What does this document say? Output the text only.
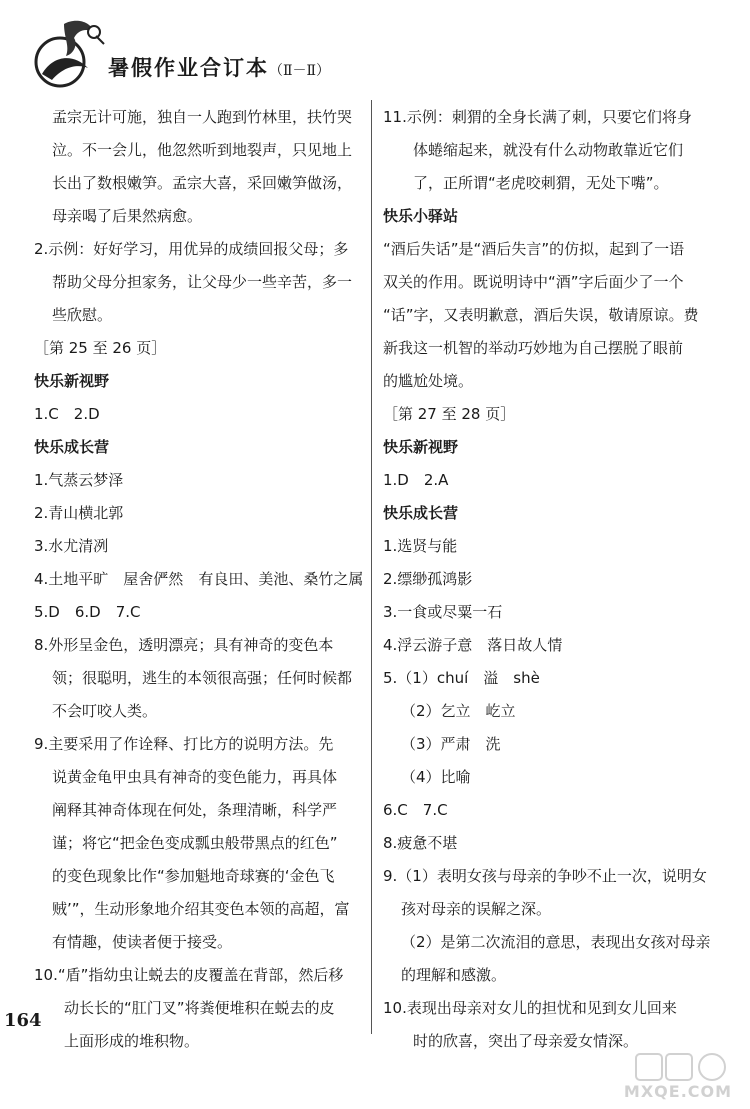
暑假作业合订本（Ⅱ－Ⅱ）
孟宗无计可施，独自一人跑到竹林里，扶竹哭
泣。不一会儿，他忽然听到地裂声，只见地上
长出了数根嫩笋。孟宗大喜，采回嫩笋做汤，
母亲喝了后果然病愈。
2.示例：好好学习，用优异的成绩回报父母；多
帮助父母分担家务，让父母少一些辛苦，多一
些欣慰。
［第 25 至 26 页］
快乐新视野
1.C　2.D
快乐成长营
1.气蒸云梦泽
2.青山横北郭
3.水尤清冽
4.土地平旷　屋舍俨然　有良田、美池、桑竹之属
5.D　6.D　7.C
8.外形呈金色，透明漂亮；具有神奇的变色本
领；很聪明，逃生的本领很高强；任何时候都
不会叮咬人类。
9.主要采用了作诠释、打比方的说明方法。先
说黄金龟甲虫具有神奇的变色能力，再具体
阐释其神奇体现在何处，条理清晰，科学严
谨；将它“把金色变成瓢虫般带黑点的红色”
的变色现象比作“参加魁地奇球赛的‘金色飞
贼’”，生动形象地介绍其变色本领的高超，富
有情趣，使读者便于接受。
10.“盾”指幼虫让蜕去的皮覆盖在背部，然后移
动长长的“肛门叉”将粪便堆积在蜕去的皮
上面形成的堆积物。
11.示例：刺猬的全身长满了刺，只要它们将身
体蜷缩起来，就没有什么动物敢靠近它们
了，正所谓“老虎咬刺猬，无处下嘴”。
快乐小驿站
“酒后失话”是“酒后失言”的仿拟，起到了一语
双关的作用。既说明诗中“酒”字后面少了一个
“话”字，又表明歉意，酒后失误，敬请原谅。费
新我这一机智的举动巧妙地为自己摆脱了眼前
的尴尬处境。
［第 27 至 28 页］
快乐新视野
1.D　2.A
快乐成长营
1.选贤与能
2.缥缈孤鸿影
3.一食或尽粟一石
4.浮云游子意　落日故人情
5.（1）chuí　溢　shè
（2）乞立　屹立
（3）严肃　洗
（4）比喻
6.C　7.C
8.疲惫不堪
9.（1）表明女孩与母亲的争吵不止一次，说明女
孩对母亲的误解之深。
（2）是第二次流泪的意思，表现出女孩对母亲
的理解和感激。
10.表现出母亲对女儿的担忧和见到女儿回来
时的欣喜，突出了母亲爱女情深。
164
MXQE.COM
